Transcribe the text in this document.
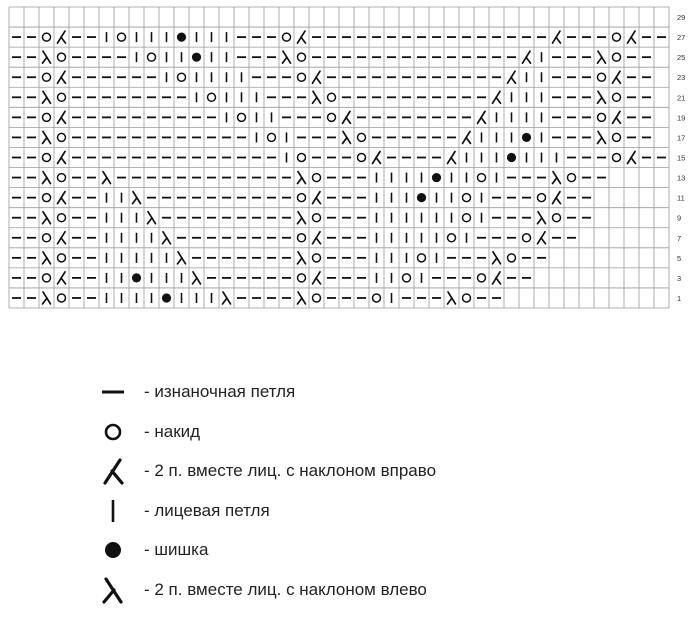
29
27
25
23
21
19
17
15
13
11
9
7
5
3
1
- изнаночная петля
- накид
- 2 п. вместе лиц. с наклоном вправо
- лицевая петля
- шишка
- 2 п. вместе лиц. с наклоном влево
